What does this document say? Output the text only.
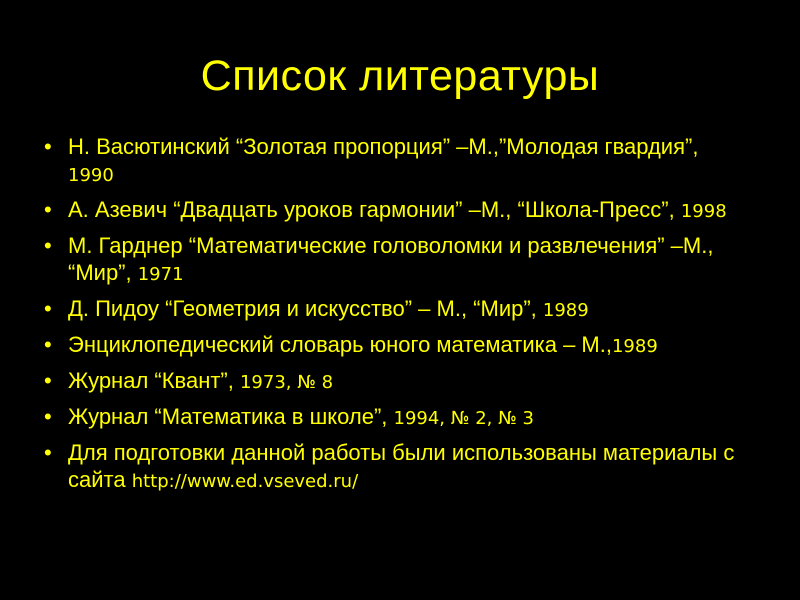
Список литературы
• Н. Васютинский “Золотая пропорция” –М.,”Молодая гвардия”, 1990
• А. Азевич “Двадцать уроков гармонии” –М., “Школа-Пресс”, 1998
• М. Гарднер “Математические головоломки и развлечения” –М., “Мир”, 1971
• Д. Пидоу “Геометрия и искусство” – М., “Мир”, 1989
• Энциклопедический словарь юного математика – М.,1989
• Журнал “Квант”, 1973, № 8
• Журнал “Математика в школе”, 1994, № 2, № 3
• Для подготовки данной работы были использованы материалы с сайта http://www.ed.vseved.ru/
